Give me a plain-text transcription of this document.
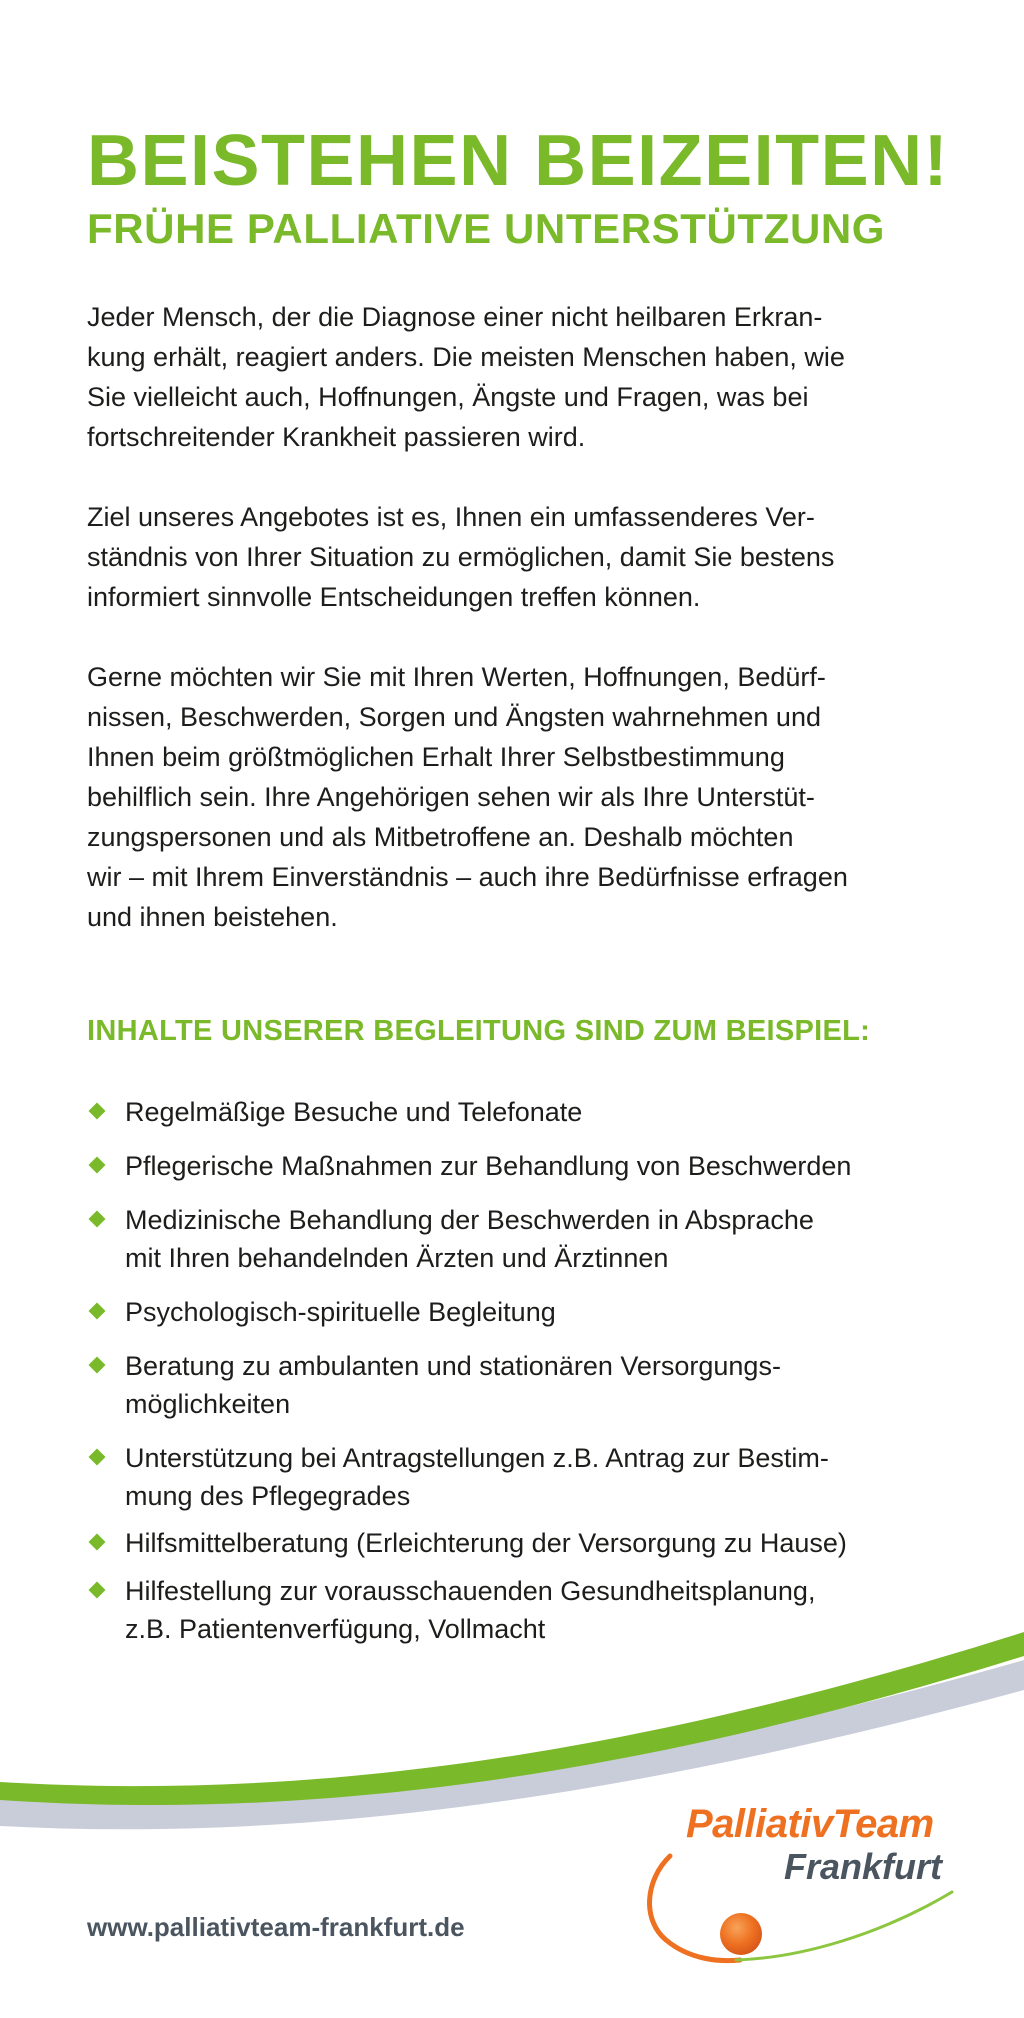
BEISTEHEN BEIZEITEN!
FRÜHE PALLIATIVE UNTERSTÜTZUNG

Jeder Mensch, der die Diagnose einer nicht heilbaren Erkran-
kung erhält, reagiert anders. Die meisten Menschen haben, wie
Sie vielleicht auch, Hoffnungen, Ängste und Fragen, was bei
fortschreitender Krankheit passieren wird.

Ziel unseres Angebotes ist es, Ihnen ein umfassenderes Ver-
ständnis von Ihrer Situation zu ermöglichen, damit Sie bestens
informiert sinnvolle Entscheidungen treffen können.

Gerne möchten wir Sie mit Ihren Werten, Hoffnungen, Bedürf-
nissen, Beschwerden, Sorgen und Ängsten wahrnehmen und
Ihnen beim größtmöglichen Erhalt Ihrer Selbstbestimmung
behilflich sein. Ihre Angehörigen sehen wir als Ihre Unterstüt-
zungspersonen und als Mitbetroffene an. Deshalb möchten
wir – mit Ihrem Einverständnis – auch ihre Bedürfnisse erfragen
und ihnen beistehen.

INHALTE UNSERER BEGLEITUNG SIND ZUM BEISPIEL:
Regelmäßige Besuche und Telefonate
Pflegerische Maßnahmen zur Behandlung von Beschwerden
Medizinische Behandlung der Beschwerden in Absprache
mit Ihren behandelnden Ärzten und Ärztinnen
Psychologisch-spirituelle Begleitung
Beratung zu ambulanten und stationären Versorgungs-
möglichkeiten
Unterstützung bei Antragstellungen z.B. Antrag zur Bestim-
mung des Pflegegrades
Hilfsmittelberatung (Erleichterung der Versorgung zu Hause)
Hilfestellung zur vorausschauenden Gesundheitsplanung,
z.B. Patientenverfügung, Vollmacht

www.palliativteam-frankfurt.de

PalliativTeam
Frankfurt
